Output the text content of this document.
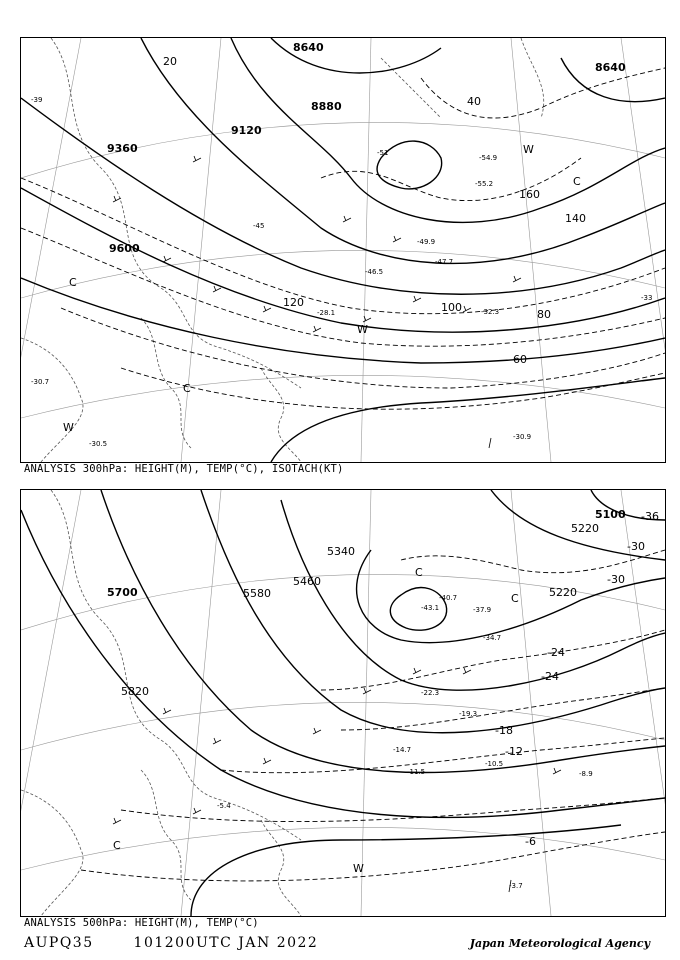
8640
8640
8880
9120
9360
9600
20
40
60
80
100
120
140
160
-51
-54.9
-55.2
-49.9
-47.7
-46.5
-45
-39
-33
-30.9
-30.7
-30.5
-28.1	-32.3
W
C
C
W
C
W
ANALYSIS 300hPa: HEIGHT(M), TEMP(°C), ISOTACH(KT)
5100
5220
5220
5340
5460
5580
5700
5820
-36
-30
-30
-24
-24
-18
-12
-6
-43.1
-40.7
-37.9
-34.7
-22.3
-19.3
-14.7
-11.5
-10.5
-8.9
-5.4
-3.7
C
C
C
W
ANALYSIS 500hPa: HEIGHT(M), TEMP(°C)
AUPQ35	101200UTC JAN 2022	Japan Meteorological Agency
